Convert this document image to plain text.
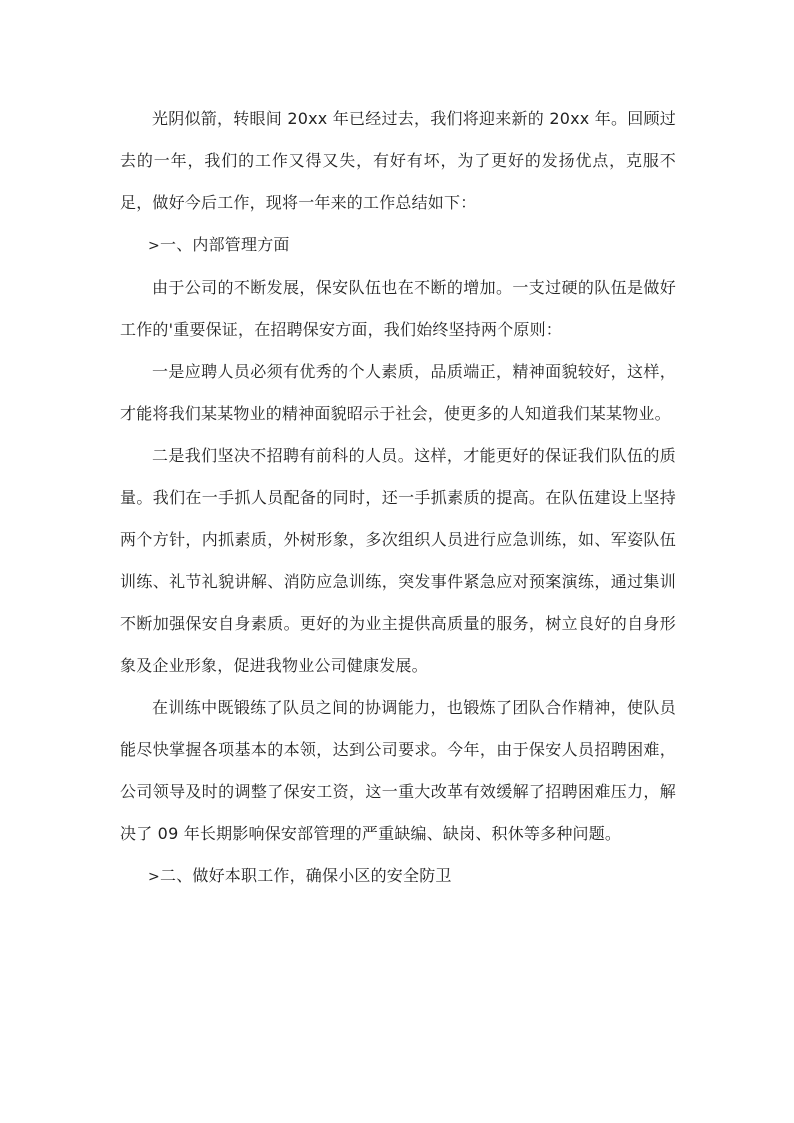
光阴似箭，转眼间 20xx 年已经过去，我们将迎来新的 20xx 年。回顾过去的一年，我们的工作又得又失，有好有坏，为了更好的发扬优点，克服不足，做好今后工作，现将一年来的工作总结如下：

>一、内部管理方面

由于公司的不断发展，保安队伍也在不断的增加。一支过硬的队伍是做好工作的'重要保证，在招聘保安方面，我们始终坚持两个原则：

一是应聘人员必须有优秀的个人素质，品质端正，精神面貌较好，这样，才能将我们某某物业的精神面貌昭示于社会，使更多的人知道我们某某物业。

二是我们坚决不招聘有前科的人员。这样，才能更好的保证我们队伍的质量。我们在一手抓人员配备的同时，还一手抓素质的提高。在队伍建设上坚持两个方针，内抓素质，外树形象，多次组织人员进行应急训练，如、军姿队伍训练、礼节礼貌讲解、消防应急训练，突发事件紧急应对预案演练，通过集训不断加强保安自身素质。更好的为业主提供高质量的服务，树立良好的自身形象及企业形象，促进我物业公司健康发展。

在训练中既锻练了队员之间的协调能力，也锻炼了团队合作精神，使队员能尽快掌握各项基本的本领，达到公司要求。今年，由于保安人员招聘困难，公司领导及时的调整了保安工资，这一重大改革有效缓解了招聘困难压力，解决了 09 年长期影响保安部管理的严重缺编、缺岗、积休等多种问题。

>二、做好本职工作，确保小区的安全防卫
